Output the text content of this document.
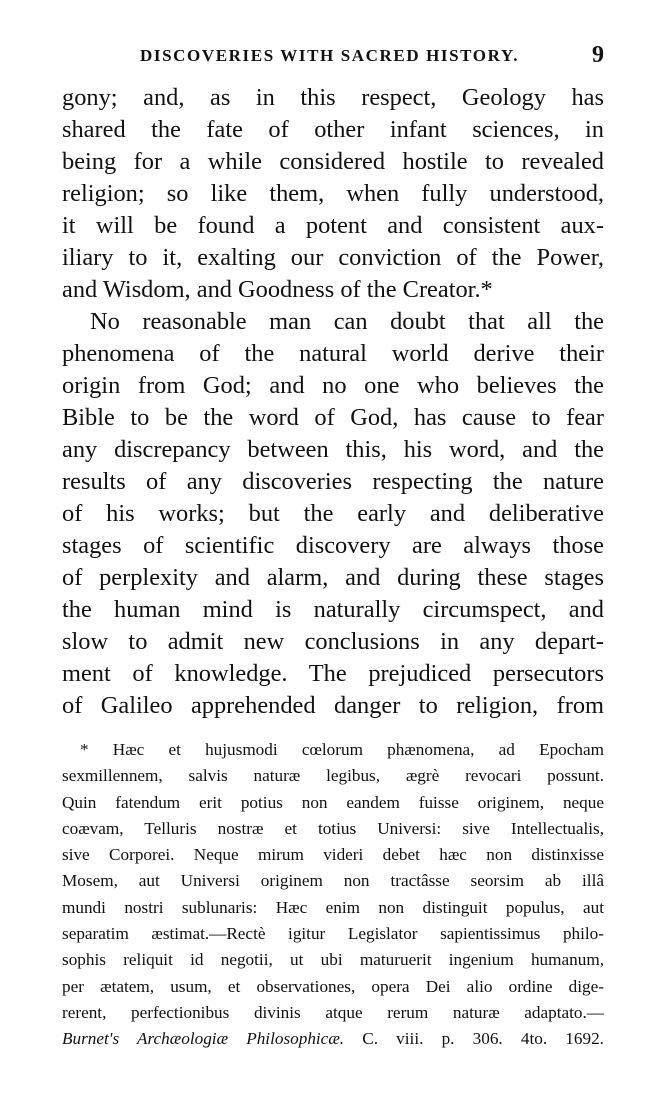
DISCOVERIES WITH SACRED HISTORY.	9
gony; and, as in this respect, Geology has
shared the fate of other infant sciences, in
being for a while considered hostile to revealed
religion; so like them, when fully understood,
it will be found a potent and consistent aux-
iliary to it, exalting our conviction of the Power,
and Wisdom, and Goodness of the Creator.*
No reasonable man can doubt that all the
phenomena of the natural world derive their
origin from God; and no one who believes the
Bible to be the word of God, has cause to fear
any discrepancy between this, his word, and the
results of any discoveries respecting the nature
of his works; but the early and deliberative
stages of scientific discovery are always those
of perplexity and alarm, and during these stages
the human mind is naturally circumspect, and
slow to admit new conclusions in any depart-
ment of knowledge. The prejudiced persecutors
of Galileo apprehended danger to religion, from
* Hæc et hujusmodi cœlorum phænomena, ad Epocham
sexmillennem, salvis naturæ legibus, ægrè revocari possunt.
Quin fatendum erit potius non eandem fuisse originem, neque
coævam, Telluris nostræ et totius Universi: sive Intellectualis,
sive Corporei. Neque mirum videri debet hæc non distinxisse
Mosem, aut Universi originem non tractâsse seorsim ab illâ
mundi nostri sublunaris: Hæc enim non distinguit populus, aut
separatim æstimat.—Rectè igitur Legislator sapientissimus philo-
sophis reliquit id negotii, ut ubi maturuerit ingenium humanum,
per ætatem, usum, et observationes, opera Dei alio ordine dige-
rerent, perfectionibus divinis atque rerum naturæ adaptato.—
Burnet's Archæologiæ Philosophicæ. C. viii. p. 306. 4to. 1692.
